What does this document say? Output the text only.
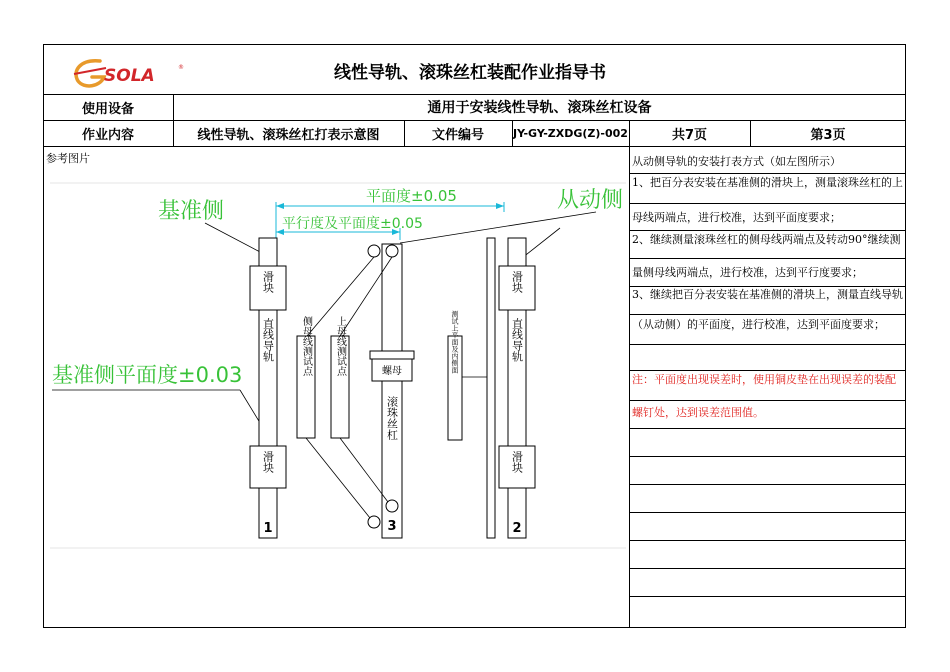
SOLA	®	线性导轨、滚珠丝杠装配作业指导书
使用设备	通用于安装线性导轨、滚珠丝杠设备
作业内容	线性导轨、滚珠丝杠打表示意图	文件编号	JY-GY-ZXDG(Z)-002	共7页	第3页
参考图片	从动侧导轨的安装打表方式（如左图所示）
1、把百分表安装在基准侧的滑块上，测量滚珠丝杠的上
母线两端点，进行校准，达到平面度要求；
2、继续测量滚珠丝杠的侧母线两端点及转动90°继续测
量侧母线两端点，进行校准，达到平行度要求；
3、继续把百分表安装在基准侧的滑块上，测量直线导轨
（从动侧）的平面度，进行校准，达到平面度要求；
注：平面度出现误差时，使用铜皮垫在出现误差的装配
螺钉处，达到误差范围值。
平面度±0.05
平行度及平面度±0.05
基准侧	从动侧
基准侧平面度±0.03
滑块
滑块
直线导轨
1
滑块
滑块
直线导轨
2
螺母
滚珠丝杠
3
侧母线测试点 上母线测试点	测试上平面及内侧面
